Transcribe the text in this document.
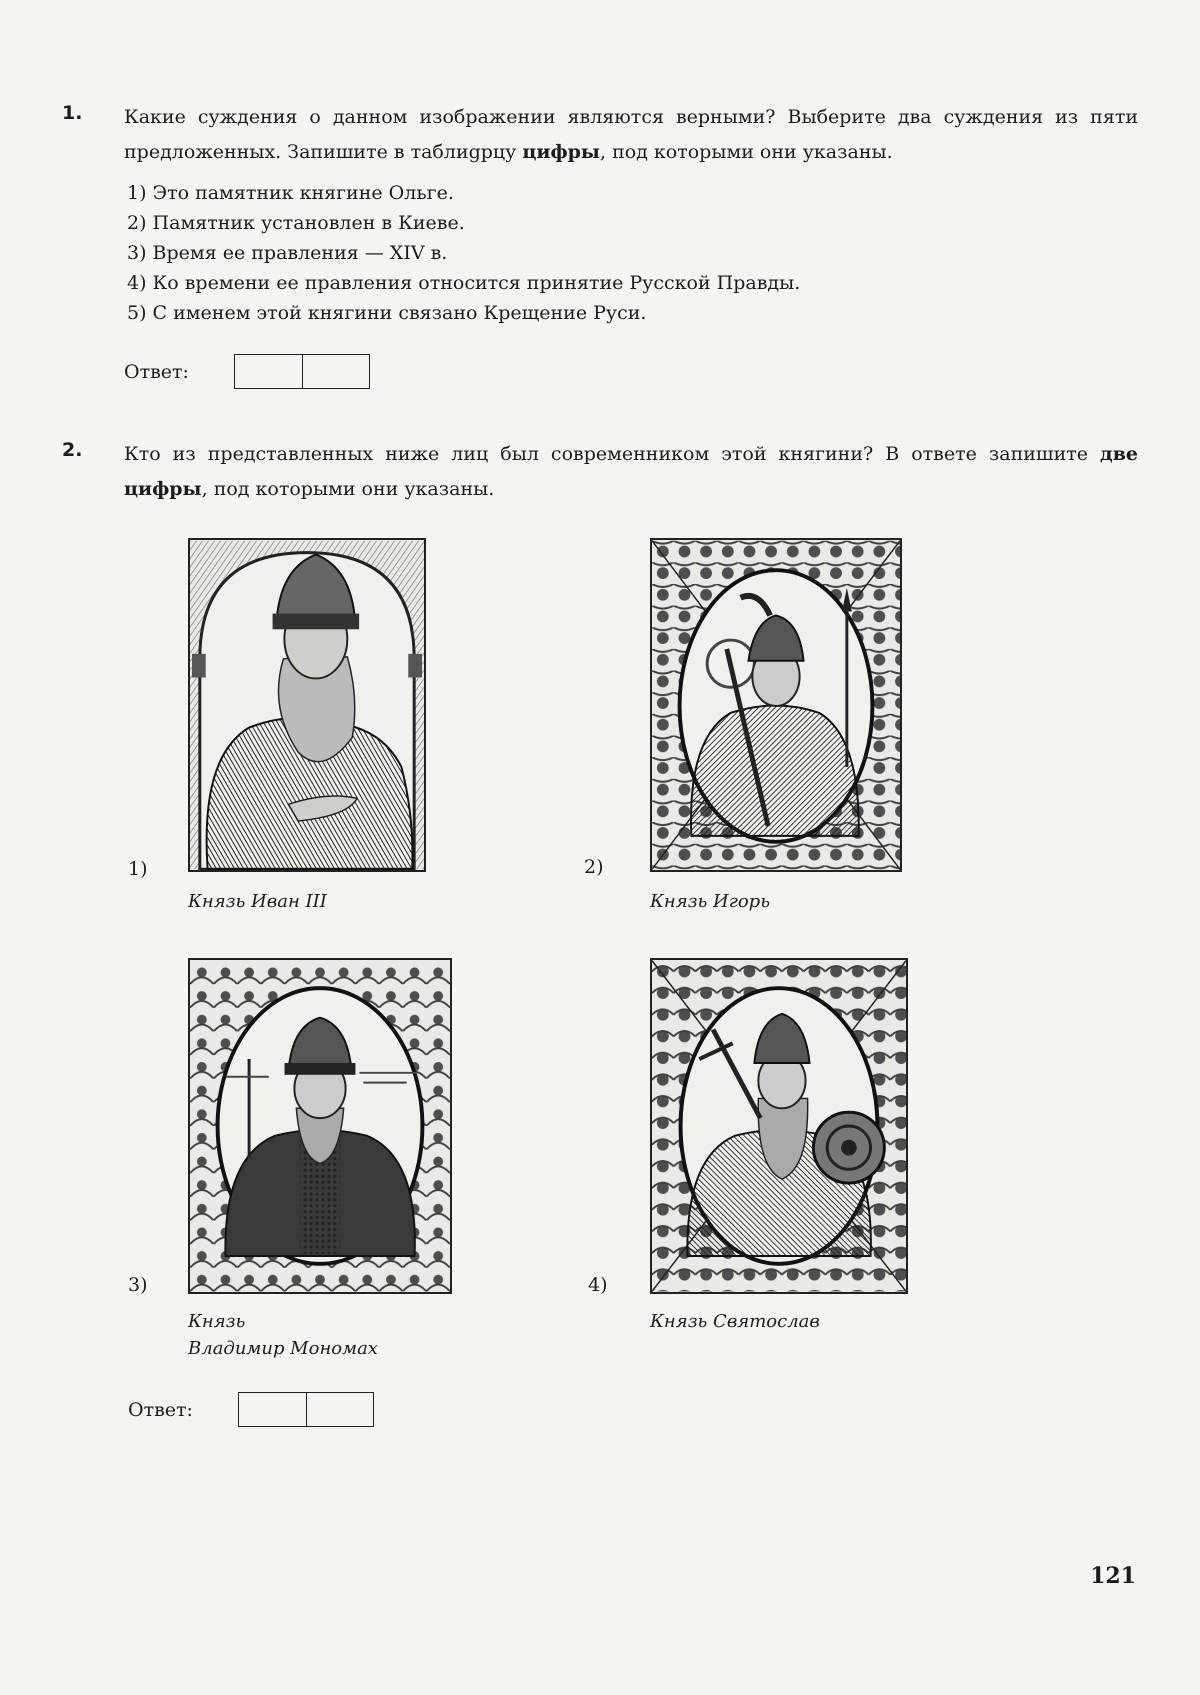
1. Какие суждения о данном изображении являются верными? Выберите два суждения из пяти предложенных. Запишите в таблиgрцу цифры, под которыми они указаны.
1) Это памятник княгине Ольге.
2) Памятник установлен в Киеве.
3) Время ее правления — XIV в.
4) Ко времени ее правления относится принятие Русской Правды.
5) С именем этой княгини связано Крещение Руси.
Ответ:
2. Кто из представленных ниже лиц был современником этой княгини? В ответе запишите две цифры, под которыми они указаны.
1)
Князь Иван III
2)
Князь Игорь
3)
Князь
Владимир Мономах
4)
Князь Святослав
Ответ:
121
